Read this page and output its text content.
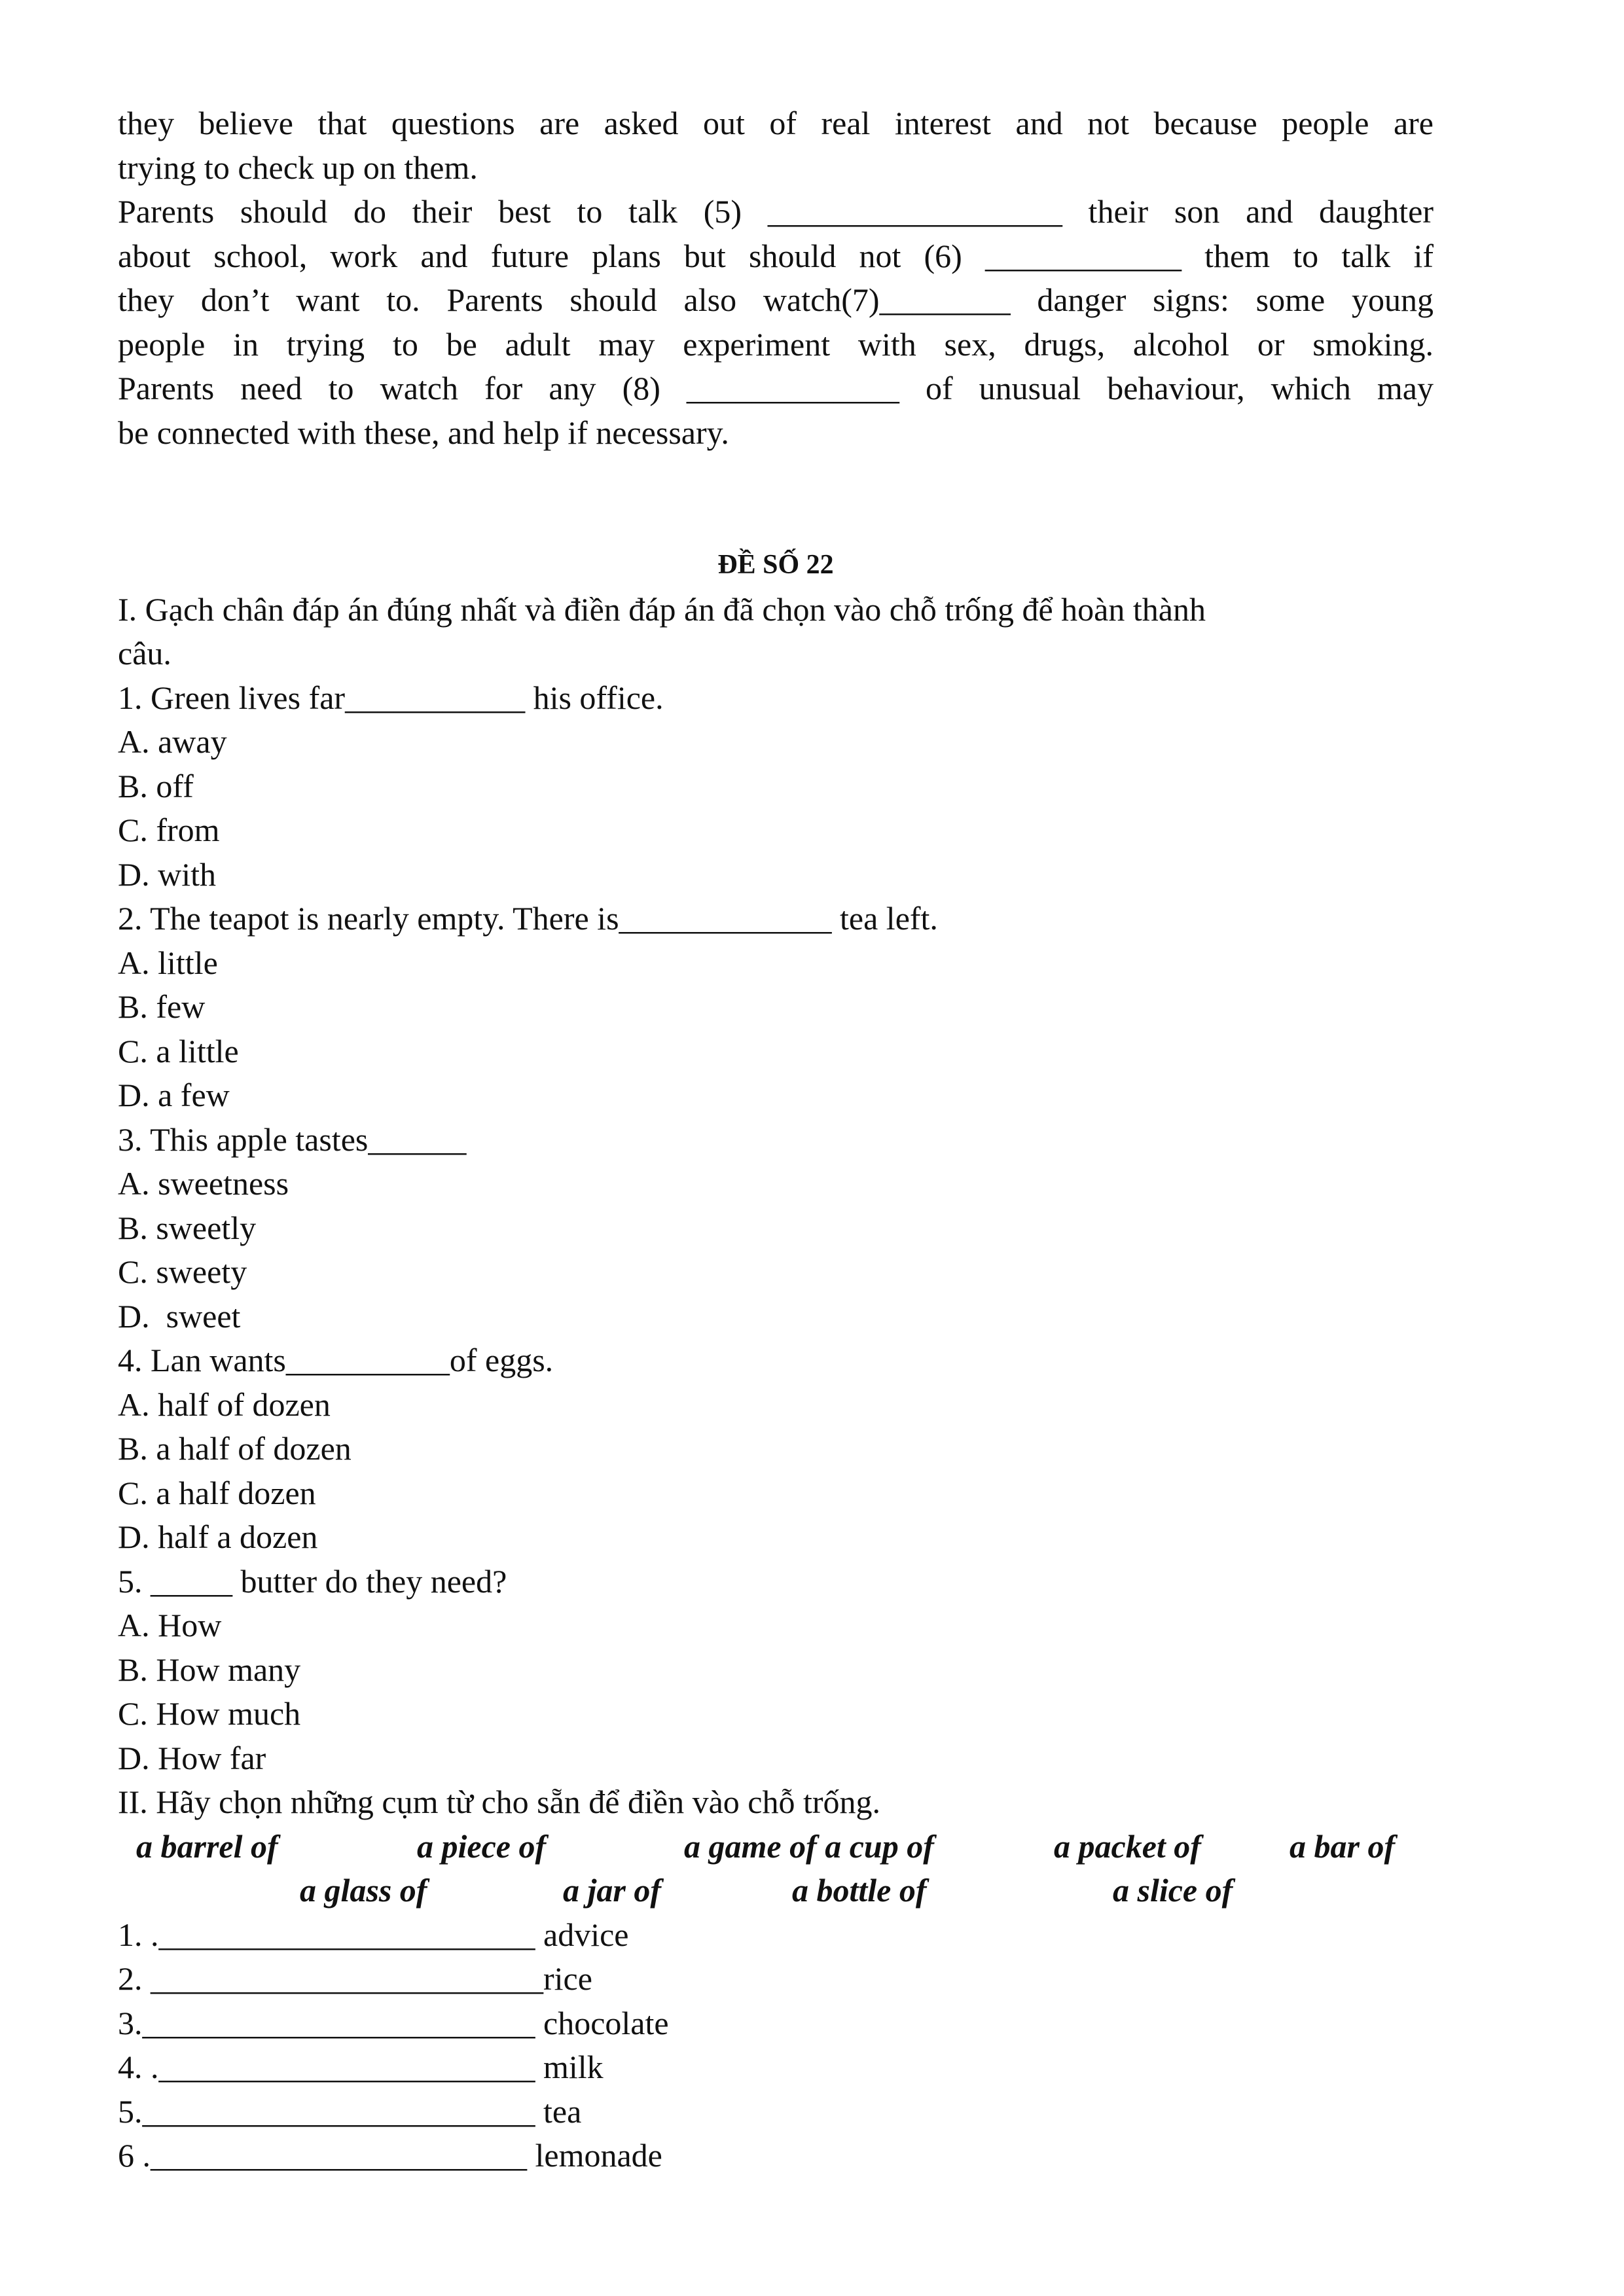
they believe that questions are asked out of real interest and not because people are

trying to check up on them.

Parents should do their best to talk (5) __________________ their son and daughter

about school, work and future plans but should not (6) ____________ them to talk if

they don’t want to. Parents should also watch(7)________ danger signs: some young

people in trying to be adult may experiment with sex, drugs, alcohol or smoking.

Parents need to watch for any (8) _____________ of unusual behaviour, which may

be connected with these, and help if necessary.

ĐỀ SỐ 22

I. Gạch chân đáp án đúng nhất và điền đáp án đã chọn vào chỗ trống để hoàn thành

câu.

1. Green lives far___________ his office.

A. away

B. off

C. from

D. with

2. The teapot is nearly empty. There is_____________ tea left.

A. little

B. few

C. a little

D. a few

3. This apple tastes______

A. sweetness

B. sweetly

C. sweety

D.  sweet

4. Lan wants__________of eggs.

A. half of dozen

B. a half of dozen

C. a half dozen

D. half a dozen

5. _____ butter do they need?

A. How

B. How many

C. How much

D. How far

II. Hãy chọn những cụm từ cho sẵn để điền vào chỗ trống.

a barrel of	a piece of	a game of a cup of	a packet of	a bar of
a glass of	a jar of	a bottle of	a slice of

1. ._______________________ advice

2. ________________________rice

3.________________________ chocolate

4. ._______________________ milk

5.________________________ tea

6 ._______________________ lemonade
